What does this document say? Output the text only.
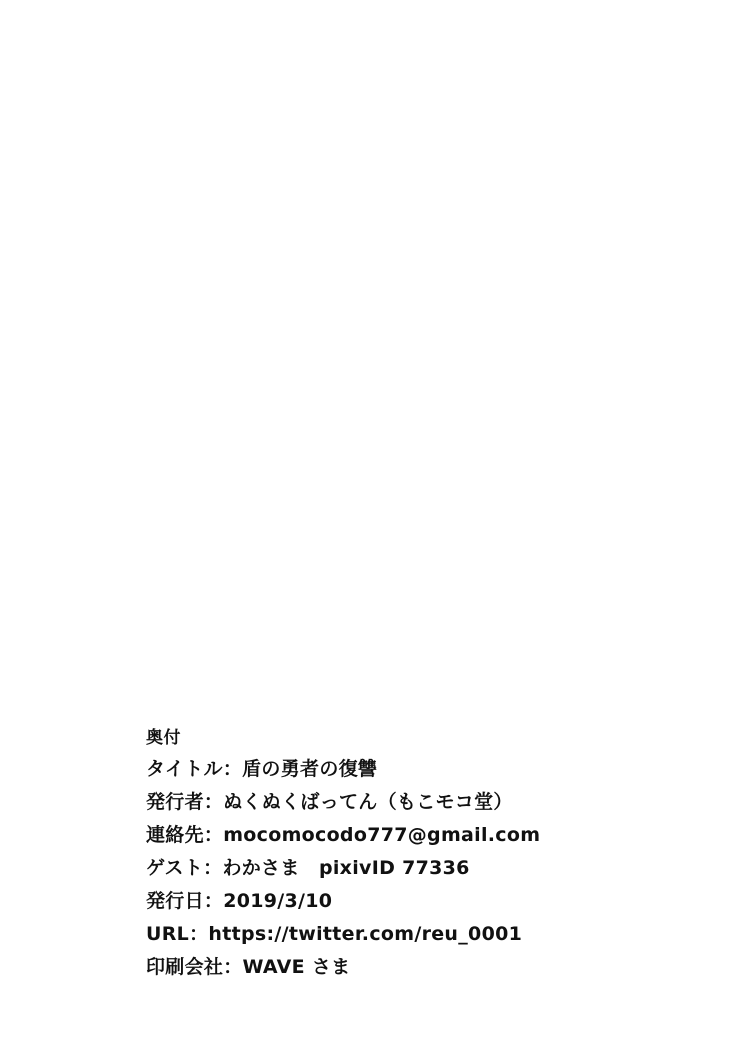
奥付
タイトル：盾の勇者の復讐
発行者：ぬくぬくばってん（もこモコ堂）
連絡先：mocomocodo777@gmail.com
ゲスト：わかさま　pixivID 77336
発行日：2019/3/10
URL：https://twitter.com/reu_0001
印刷会社：WAVE さま
